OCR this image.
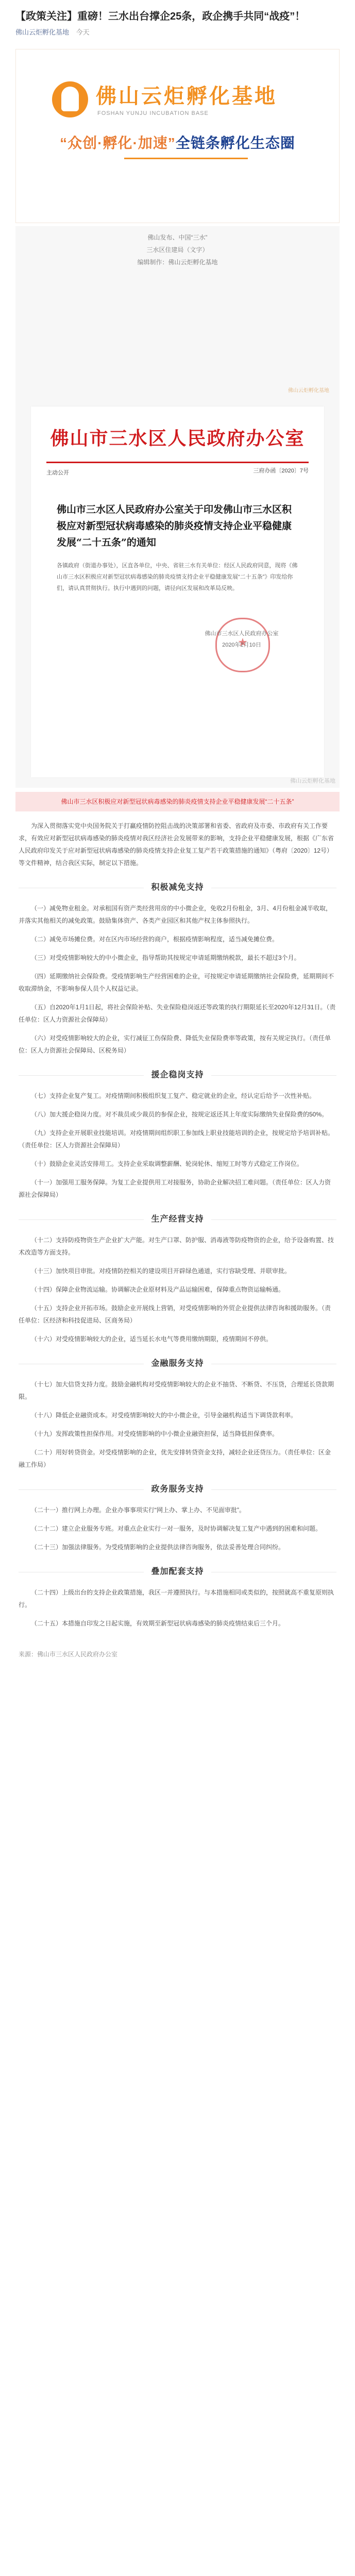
【政策关注】重磅！三水出台撑企25条，政企携手共同“战疫”！
佛山云炬孵化基地 今天
佛山云炬孵化基地
FOSHAN YUNJU INCUBATION BASE
“众创·孵化·加速”全链条孵化生态圈
佛山发布、中国“三水”
三水区住建局（文字）
编辑制作：佛山云炬孵化基地
佛山云炬孵化基地
佛山市三水区人民政府办公室
三府办函〔2020〕7号
主动公开
佛山市三水区人民政府办公室关于印发佛山市三水区积极应对新型冠状病毒感染的肺炎疫情支持企业平稳健康发展“二十五条”的通知
各镇政府（街道办事处），区直各单位，中央、省驻三水有关单位：经区人民政府同意，现将《佛山市三水区积极应对新型冠状病毒感染的肺炎疫情支持企业平稳健康发展“二十五条”》印发给你们，请认真贯彻执行。执行中遇到的问题，请径向区发展和改革局反映。
★
佛山市三水区人民政府办公室
2020年2月10日
佛山云炬孵化基地
佛山市三水区积极应对新型冠状病毒感染的肺炎疫情支持企业平稳健康发展“二十五条”

为深入贯彻落实党中央国务院关于打赢疫情防控阻击战的决策部署和省委、省政府及市委、市政府有关工作要求，有效应对新型冠状病毒感染的肺炎疫情对我区经济社会发展带来的影响，支持企业平稳健康发展，根据《广东省人民政府印发关于应对新型冠状病毒感染的肺炎疫情支持企业复工复产若干政策措施的通知》（粤府〔2020〕12号）等文件精神，结合我区实际，制定以下措施。

积极减免支持

（一）减免物业租金。对承租国有资产类经营用房的中小微企业，免收2月份租金，3月、4月份租金减半收取，并落实其他相关的减免政策。鼓励集体资产、各类产业园区和其他产权主体参照执行。

（二）减免市场摊位费。对在区内市场经营的商户，根据疫情影响程度，适当减免摊位费。

（三）对受疫情影响较大的中小微企业，指导帮助其按规定申请延期缴纳税款，最长不超过3个月。

（四）延期缴纳社会保险费。受疫情影响生产经营困难的企业，可按规定申请延期缴纳社会保险费，延期期间不收取滞纳金，不影响参保人员个人权益记录。

（五）自2020年1月1日起，将社会保险补贴、失业保险稳岗返还等政策的执行期限延长至2020年12月31日。（责任单位：区人力资源社会保障局）

（六）对受疫情影响较大的企业，实行减征工伤保险费、降低失业保险费率等政策，按有关规定执行。（责任单位：区人力资源社会保障局、区税务局）

援企稳岗支持

（七）支持企业复产复工。对疫情期间积极组织复工复产、稳定就业的企业，经认定后给予一次性补贴。

（八）加大援企稳岗力度。对不裁员或少裁员的参保企业，按规定返还其上年度实际缴纳失业保险费的50%。

（九）支持企业开展职业技能培训。对疫情期间组织职工参加线上职业技能培训的企业，按规定给予培训补贴。（责任单位：区人力资源社会保障局）

（十）鼓励企业灵活安排用工。支持企业采取调整薪酬、轮岗轮休、缩短工时等方式稳定工作岗位。

（十一）加强用工服务保障。为复工企业提供用工对接服务，协助企业解决招工难问题。（责任单位：区人力资源社会保障局）

生产经营支持

（十二）支持防疫物资生产企业扩大产能。对生产口罩、防护服、消毒液等防疫物资的企业，给予设备购置、技术改造等方面支持。

（十三）加快项目审批。对疫情防控相关的建设项目开辟绿色通道，实行容缺受理、并联审批。

（十四）保障企业物流运输。协调解决企业原材料及产品运输困难，保障重点物资运输畅通。

（十五）支持企业开拓市场。鼓励企业开展线上营销，对受疫情影响的外贸企业提供法律咨询和援助服务。（责任单位：区经济和科技促进局、区商务局）

（十六）对受疫情影响较大的企业，适当延长水电气等费用缴纳期限，疫情期间不停供。

金融服务支持

（十七）加大信贷支持力度。鼓励金融机构对受疫情影响较大的企业不抽贷、不断贷、不压贷，合理延长贷款期限。

（十八）降低企业融资成本。对受疫情影响较大的中小微企业，引导金融机构适当下调贷款利率。

（十九）发挥政策性担保作用。对受疫情影响的中小微企业融资担保，适当降低担保费率。

（二十）用好转贷资金。对受疫情影响的企业，优先安排转贷资金支持，减轻企业还贷压力。（责任单位：区金融工作局）

政务服务支持

（二十一）推行网上办理。企业办事事项实行“网上办、掌上办、不见面审批”。

（二十二）建立企业服务专班。对重点企业实行一对一服务，及时协调解决复工复产中遇到的困难和问题。

（二十三）加强法律服务。为受疫情影响的企业提供法律咨询服务，依法妥善处理合同纠纷。

叠加配套支持

（二十四）上级出台的支持企业政策措施，我区一并遵照执行。与本措施相同或类似的，按照就高不重复原则执行。

（二十五）本措施自印发之日起实施，有效期至新型冠状病毒感染的肺炎疫情结束后三个月。

来源：佛山市三水区人民政府办公室
